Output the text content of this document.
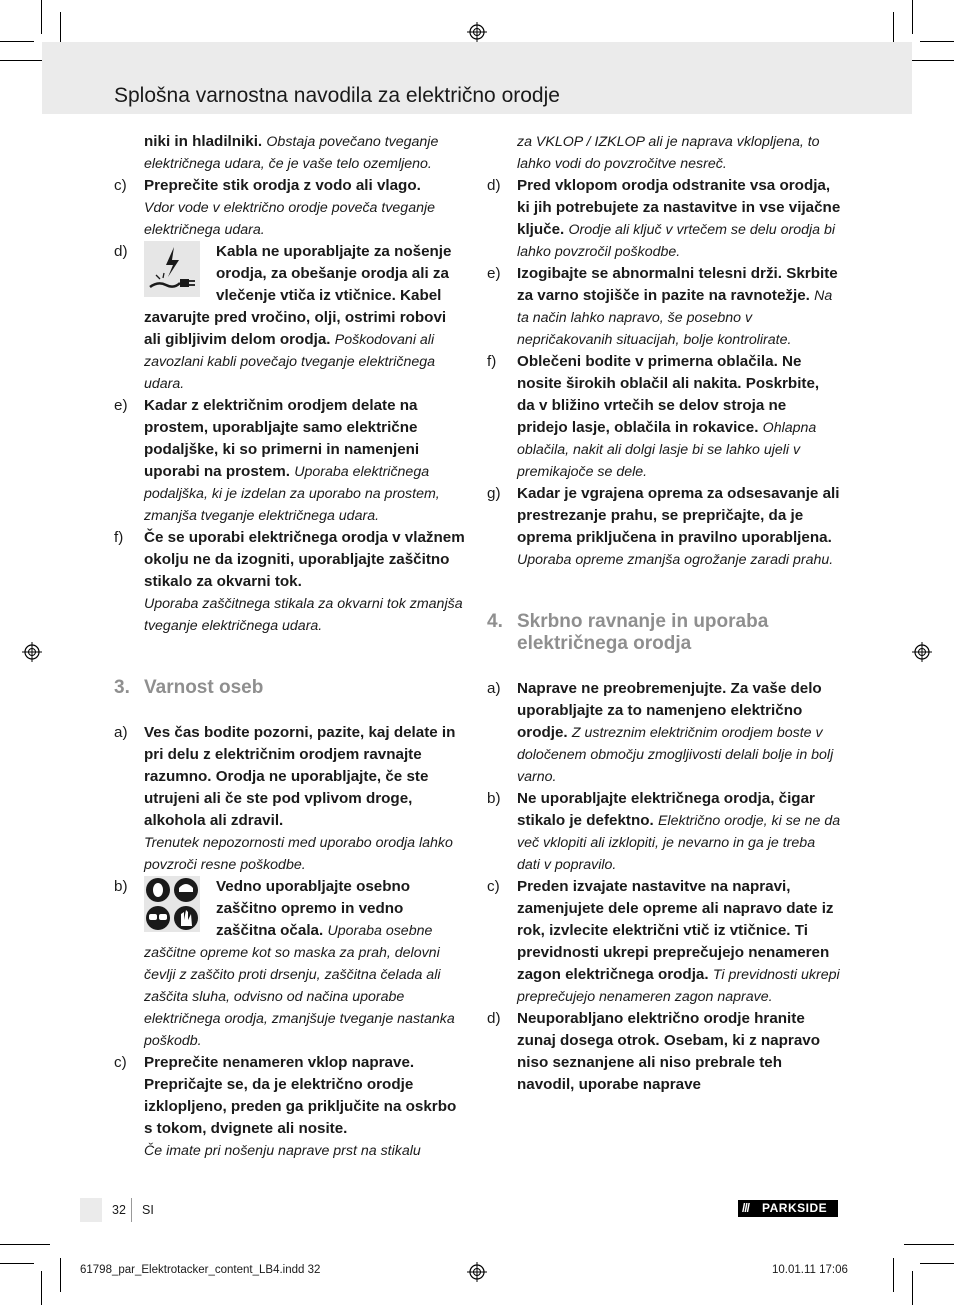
Splošna varnostna navodila za električno orodje
niki in hladilniki. Obstaja povečano tveganje električnega udara, če je vaše telo ozemljeno.
c) Preprečite stik orodja z vodo ali vlago.
Vdor vode v električno orodje poveča tveganje električnega udara.
d)	Kabla ne uporabljajte za nošenje orodja, za obešanje orodja ali za vlečenje vtiča iz vtičnice. Kabel zavarujte pred vročino, olji, ostrimi robovi ali gibljivim delom orodja. Poškodovani ali zavozlani kabli povečajo tveganje električnega udara.
e) Kadar z električnim orodjem delate na prostem, uporabljajte samo električne podaljške, ki so primerni in namenjeni uporabi na prostem. Uporaba električnega podaljška, ki je izdelan za uporabo na prostem, zmanjša tveganje električnega udara.
f) Če se uporabi električnega orodja v vlažnem okolju ne da izogniti, uporabljajte zaščitno stikalo za okvarni tok.
Uporaba zaščitnega stikala za okvarni tok zmanjša tveganje električnega udara.
3. Varnost oseb
a) Ves čas bodite pozorni, pazite, kaj delate in pri delu z električnim orodjem ravnajte razumno. Orodja ne uporabljajte, če ste utrujeni ali če ste pod vplivom droge, alkohola ali zdravil.
Trenutek nepozornosti med uporabo orodja lahko povzroči resne poškodbe.
b)	Vedno uporabljajte osebno zaščitno opremo in vedno zaščitna očala. Uporaba osebne zaščitne opreme kot so maska za prah, delovni čevlji z zaščito proti drsenju, zaščitna čelada ali zaščita sluha, odvisno od načina uporabe električnega orodja, zmanjšuje tveganje nastanka poškodb.
c) Preprečite nenameren vklop naprave. Prepričajte se, da je električno orodje izklopljeno, preden ga priključite na oskrbo s tokom, dvignete ali nosite.
Če imate pri nošenju naprave prst na stikalu
za VKLOP / IZKLOP ali je naprava vklopljena, to lahko vodi do povzročitve nesreč.
d) Pred vklopom orodja odstranite vsa orodja, ki jih potrebujete za nastavitve in vse vijačne ključe. Orodje ali ključ v vrtečem se delu orodja bi lahko povzročil poškodbe.
e) Izogibajte se abnormalni telesni drži. Skrbite za varno stojišče in pazite na ravnotežje. Na ta način lahko napravo, še posebno v nepričakovanih situacijah, bolje kontrolirate.
f) Oblečeni bodite v primerna oblačila. Ne nosite širokih oblačil ali nakita. Poskrbite, da v bližino vrtečih se delov stroja ne pridejo lasje, oblačila in rokavice. Ohlapna oblačila, nakit ali dolgi lasje bi se lahko ujeli v premikajoče se dele.
g) Kadar je vgrajena oprema za odsesavanje ali prestrezanje prahu, se prepričajte, da je oprema priključena in pravilno uporabljena. Uporaba opreme zmanjša ogrožanje zaradi prahu.
4. Skrbno ravnanje in uporaba električnega orodja
a) Naprave ne preobremenjujte. Za vaše delo uporabljajte za to namenjeno električno orodje. Z ustreznim električnim orodjem boste v določenem območju zmogljivosti delali bolje in bolj varno.
b) Ne uporabljajte električnega orodja, čigar stikalo je defektno. Električno orodje, ki se ne da več vklopiti ali izklopiti, je nevarno in ga je treba dati v popravilo.
c) Preden izvajate nastavitve na napravi, zamenjujete dele opreme ali napravo date iz rok, izvlecite električni vtič iz vtičnice. Ti previdnosti ukrepi preprečujejo nenameren zagon električnega orodja. Ti previdnosti ukrepi preprečujejo nenameren zagon naprave.
d) Neuporabljano električno orodje hranite zunaj dosega otrok. Osebam, ki z napravo niso seznanjene ali niso prebrale teh navodil, uporabe naprave
32 SI	/// PARKSIDE
61798_par_Elektrotacker_content_LB4.indd 32	10.01.11 17:06
